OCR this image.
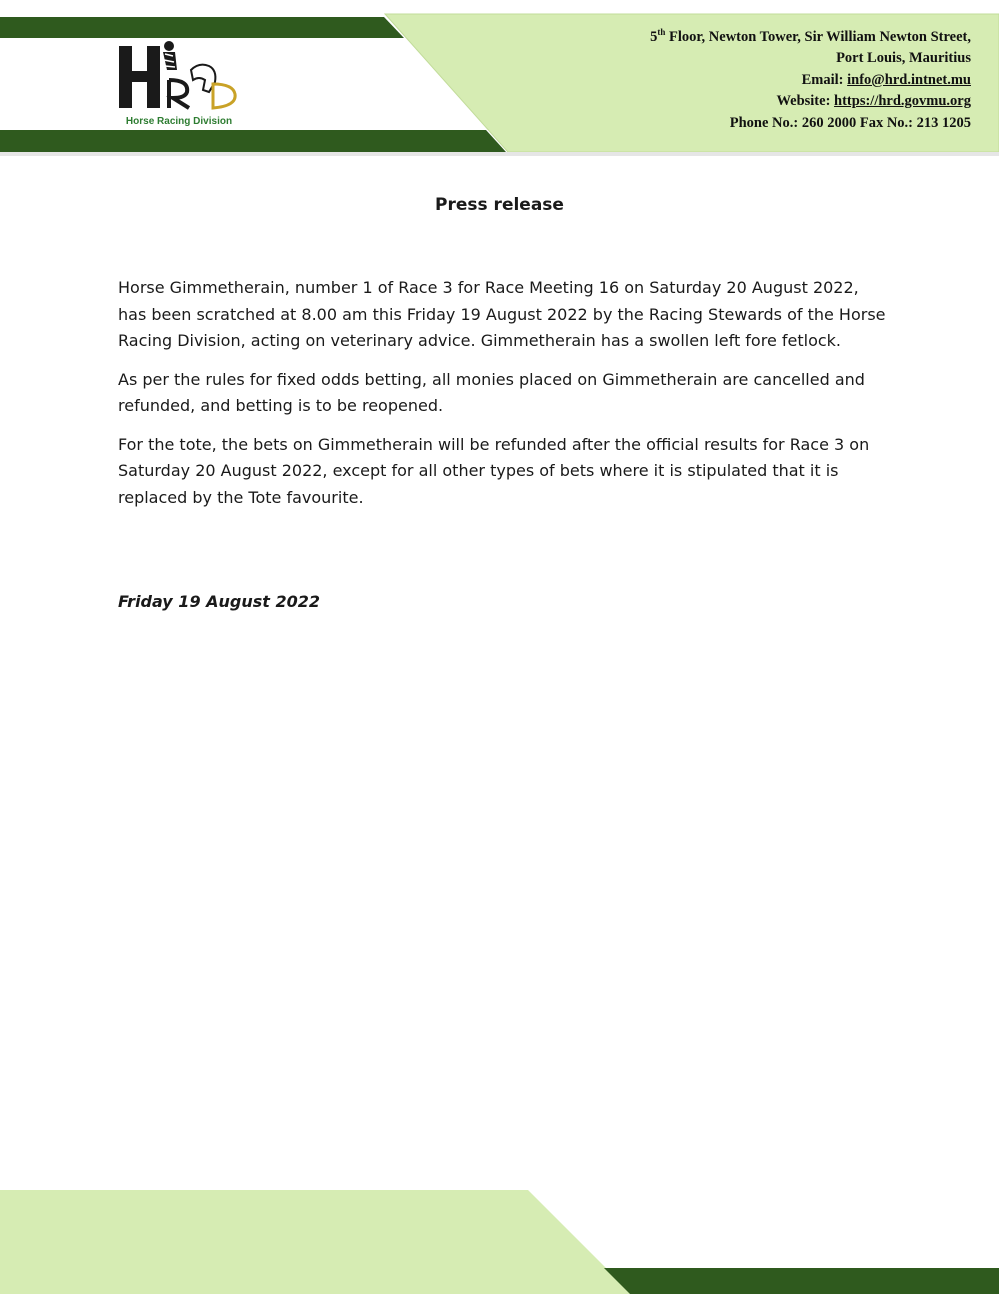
Horse Racing Division
5th Floor, Newton Tower, Sir William Newton Street,
Port Louis, Mauritius
Email: info@hrd.intnet.mu
Website: https://hrd.govmu.org
Phone No.: 260 2000 Fax No.: 213 1205
Press release

Horse Gimmetherain, number 1 of Race 3 for Race Meeting 16 on Saturday 20 August 2022, has been scratched at 8.00 am this Friday 19 August 2022 by the Racing Stewards of the Horse Racing Division, acting on veterinary advice. Gimmetherain has a swollen left fore fetlock.

As per the rules for fixed odds betting, all monies placed on Gimmetherain are cancelled and refunded, and betting is to be reopened.

For the tote, the bets on Gimmetherain will be refunded after the official results for Race 3 on Saturday 20 August 2022, except for all other types of bets where it is stipulated that it is replaced by the Tote favourite.

Friday 19 August 2022
